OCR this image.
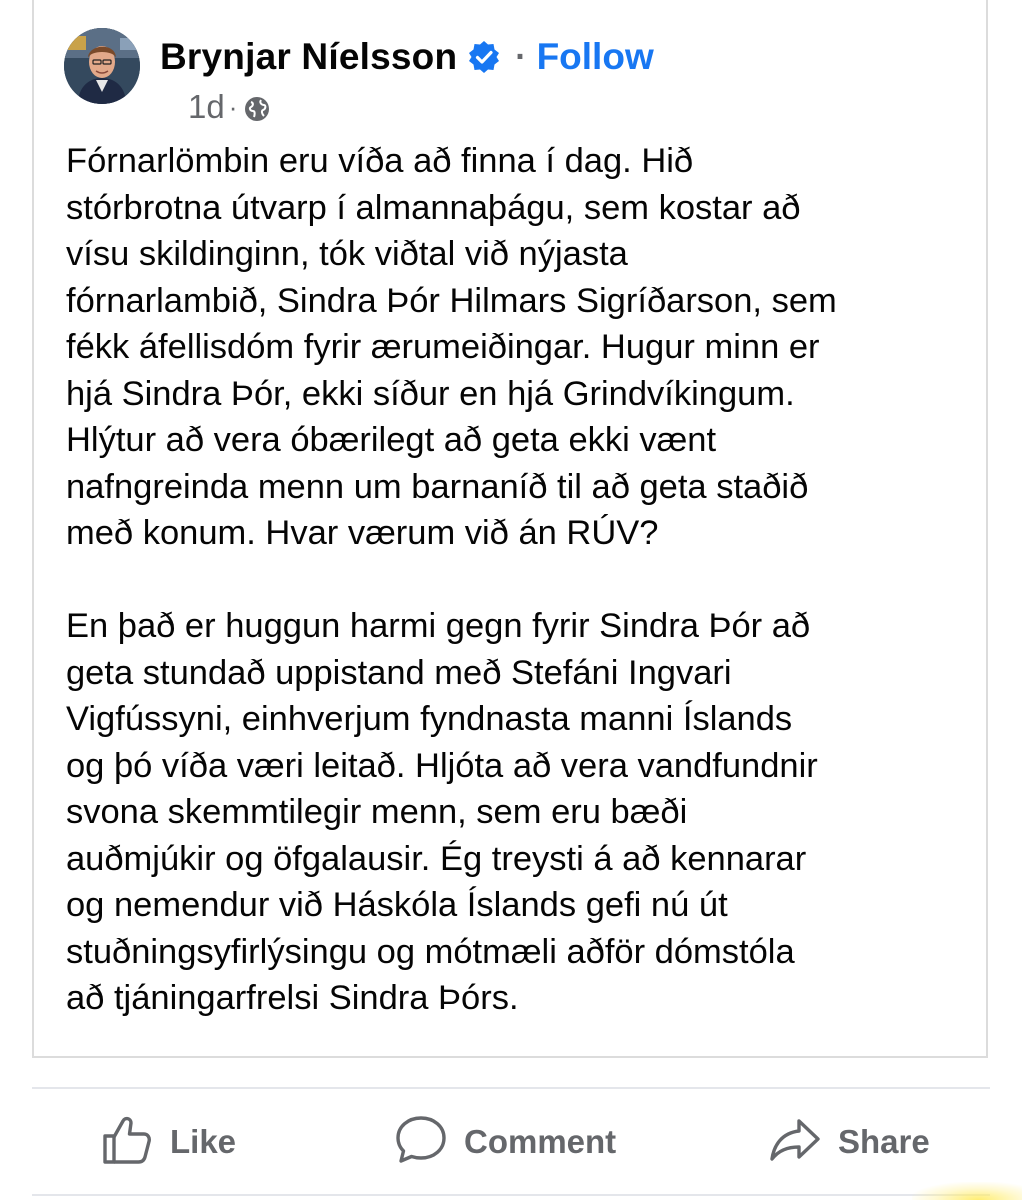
Brynjar Níelsson · Follow
1d ·

Fórnarlömbin eru víða að finna í dag. Hið
stórbrotna útvarp í almannaþágu, sem kostar að
vísu skildinginn, tók viðtal við nýjasta
fórnarlambið, Sindra Þór Hilmars Sigríðarson, sem
fékk áfellisdóm fyrir ærumeiðingar. Hugur minn er
hjá Sindra Þór, ekki síður en hjá Grindvíkingum.
Hlýtur að vera óbærilegt að geta ekki vænt
nafngreinda menn um barnaníð til að geta staðið
með konum. Hvar værum við án RÚV?

En það er huggun harmi gegn fyrir Sindra Þór að
geta stundað uppistand með Stefáni Ingvari
Vigfússyni, einhverjum fyndnasta manni Íslands
og þó víða væri leitað. Hljóta að vera vandfundnir
svona skemmtilegir menn, sem eru bæði
auðmjúkir og öfgalausir. Ég treysti á að kennarar
og nemendur við Háskóla Íslands gefi nú út
stuðningsyfirlýsingu og mótmæli aðför dómstóla
að tjáningarfrelsi Sindra Þórs.

Like	Comment	Share
